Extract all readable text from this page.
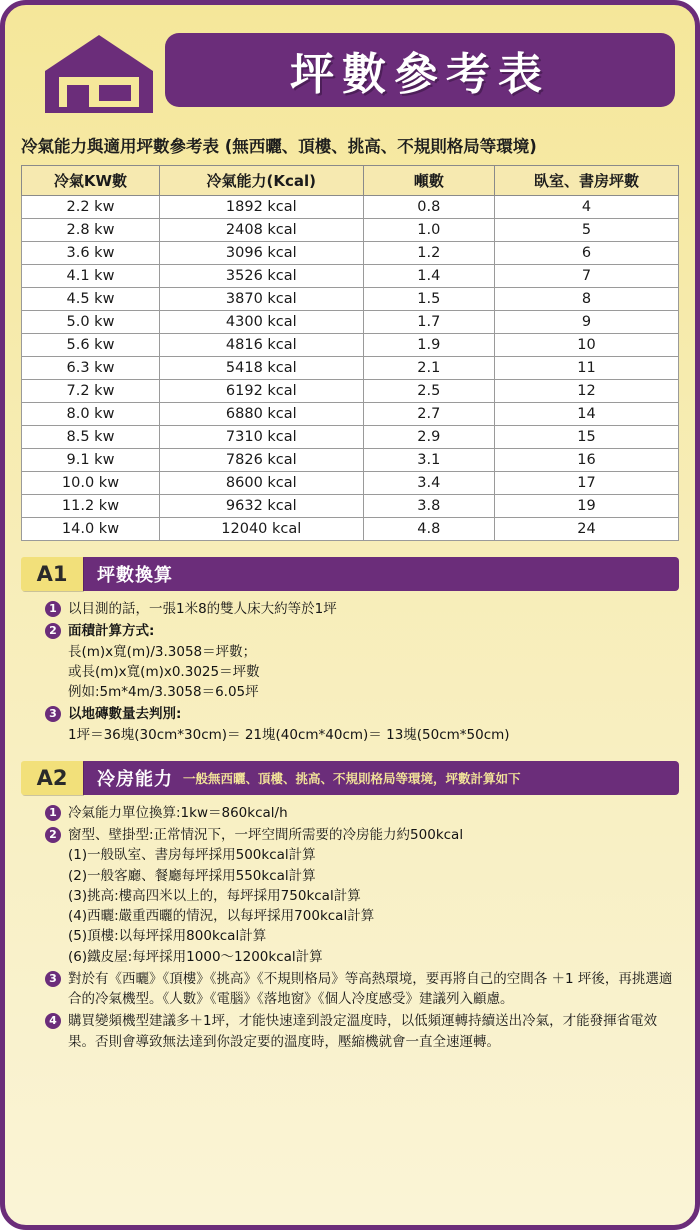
坪數參考表
冷氣能力與適用坪數參考表 (無西曬、頂樓、挑高、不規則格局等環境)
冷氣KW數	冷氣能力(Kcal)	噸數	臥室、書房坪數
2.2 kw	1892 kcal	0.8	4
2.8 kw	2408 kcal	1.0	5
3.6 kw	3096 kcal	1.2	6
4.1 kw	3526 kcal	1.4	7
4.5 kw	3870 kcal	1.5	8
5.0 kw	4300 kcal	1.7	9
5.6 kw	4816 kcal	1.9	10
6.3 kw	5418 kcal	2.1	11
7.2 kw	6192 kcal	2.5	12
8.0 kw	6880 kcal	2.7	14
8.5 kw	7310 kcal	2.9	15
9.1 kw	7826 kcal	3.1	16
10.0 kw	8600 kcal	3.4	17
11.2 kw	9632 kcal	3.8	19
14.0 kw	12040 kcal	4.8	24
A1	坪數換算
1 以目測的話，一張1米8的雙人床大約等於1坪
2 面積計算方式:
長(m)x寬(m)/3.3058＝坪數；
或長(m)x寬(m)x0.3025＝坪數
例如:5m*4m/3.3058＝6.05坪
3 以地磚數量去判別:
1坪＝36塊(30cm*30cm)＝ 21塊(40cm*40cm)＝ 13塊(50cm*50cm)
A2	冷房能力 一般無西曬、頂樓、挑高、不規則格局等環境，坪數計算如下
1 冷氣能力單位換算:1kw＝860kcal/h
2 窗型、壁掛型:正常情況下，一坪空間所需要的冷房能力約500kcal
(1)一般臥室、書房每坪採用500kcal計算
(2)一般客廳、餐廳每坪採用550kcal計算
(3)挑高:樓高四米以上的，每坪採用750kcal計算
(4)西曬:嚴重西曬的情況，以每坪採用700kcal計算
(5)頂樓:以每坪採用800kcal計算
(6)鐵皮屋:每坪採用1000～1200kcal計算
3 對於有《西曬》《頂樓》《挑高》《不規則格局》等高熱環境，要再將自己的空間各 ＋1 坪後，再挑選適合的冷氣機型。《人數》《電腦》《落地窗》《個人冷度感受》建議列入顧慮。
4 購買變頻機型建議多＋1坪，才能快速達到設定溫度時，以低頻運轉持續送出冷氣，才能發揮省電效果。否則會導致無法達到你設定要的溫度時，壓縮機就會一直全速運轉。
